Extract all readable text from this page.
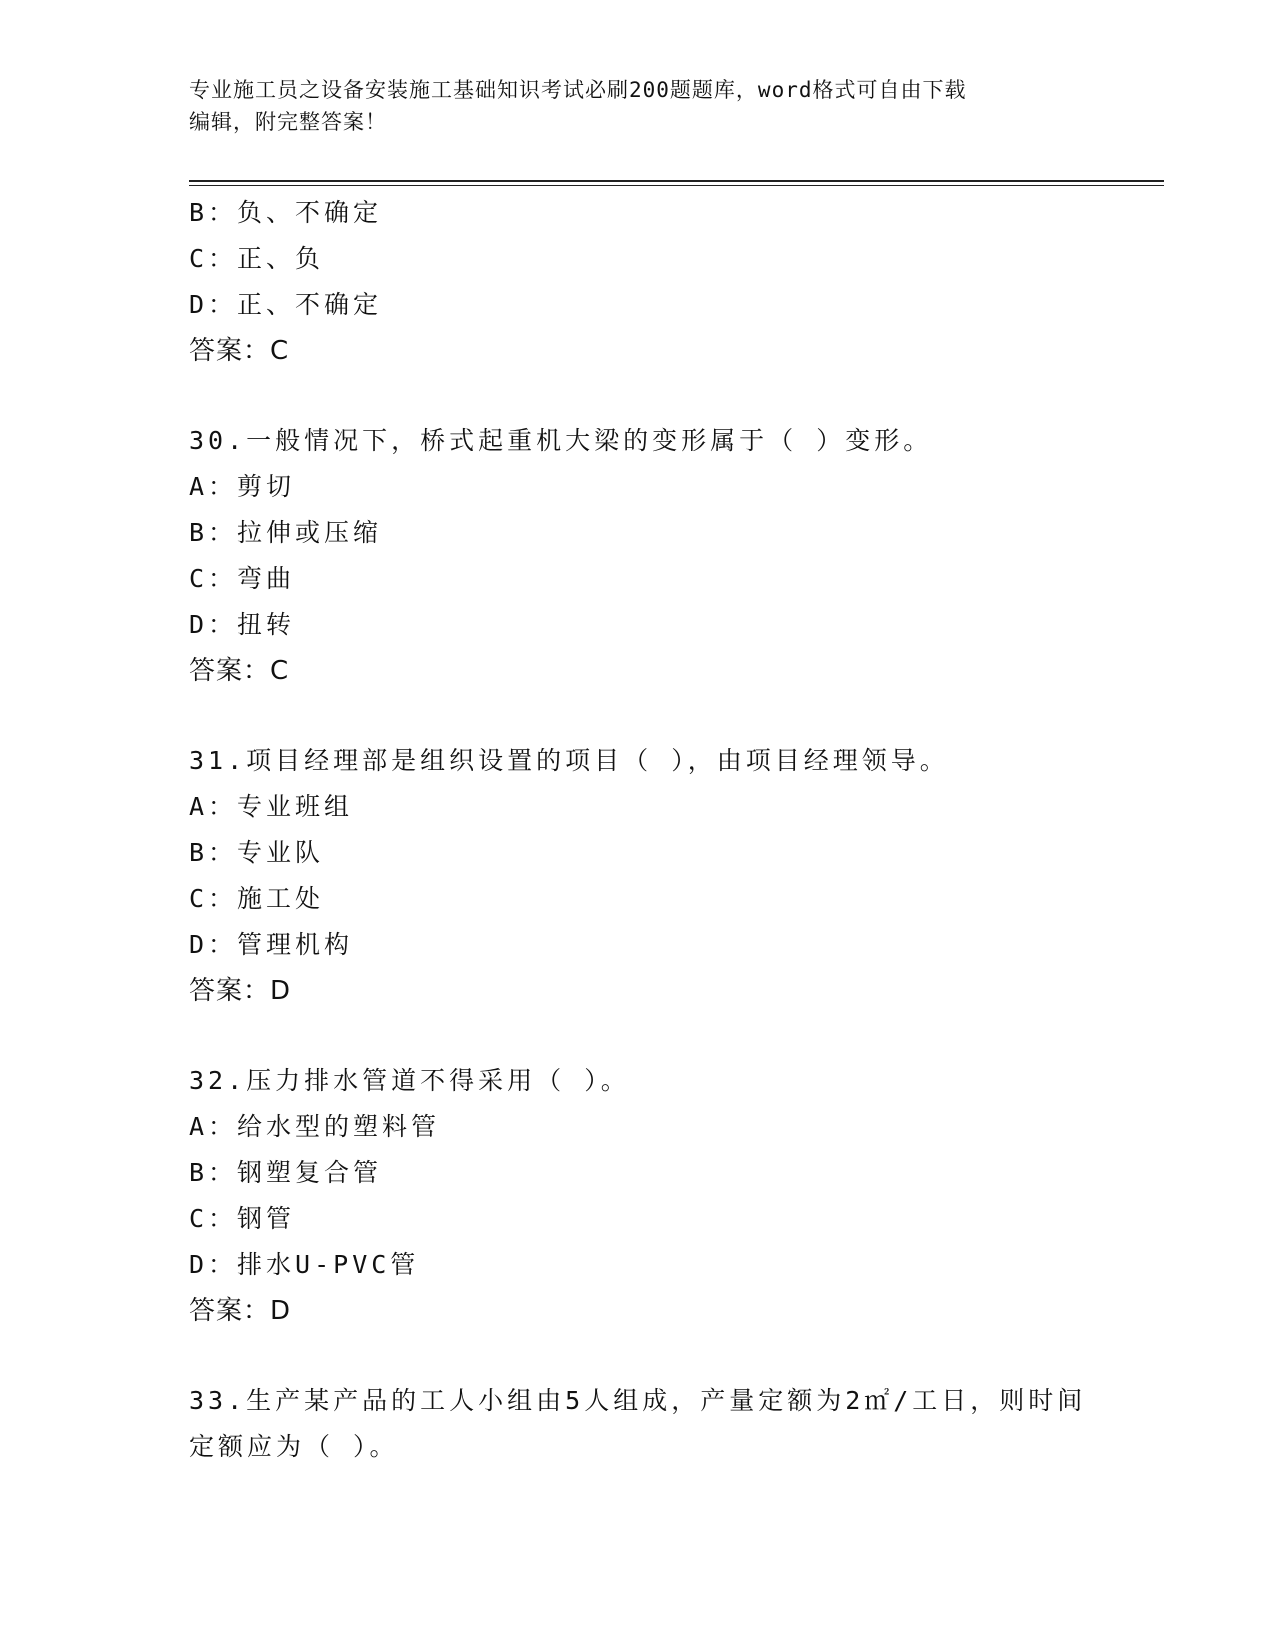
专业施工员之设备安装施工基础知识考试必刷200题题库，word格式可自由下载
编辑，附完整答案！
B：负、不确定
C：正、负
D：正、不确定
答案：C
30.一般情况下，桥式起重机大梁的变形属于（ ）变形。
A：剪切
B：拉伸或压缩
C：弯曲
D：扭转
答案：C
31.项目经理部是组织设置的项目（ ），由项目经理领导。
A：专业班组
B：专业队
C：施工处
D：管理机构
答案：D
32.压力排水管道不得采用（ ）。
A：给水型的塑料管
B：钢塑复合管
C：钢管
D：排水U-PVC管
答案：D
33.生产某产品的工人小组由5人组成，产量定额为2㎡/工日，则时间
定额应为（ ）。
